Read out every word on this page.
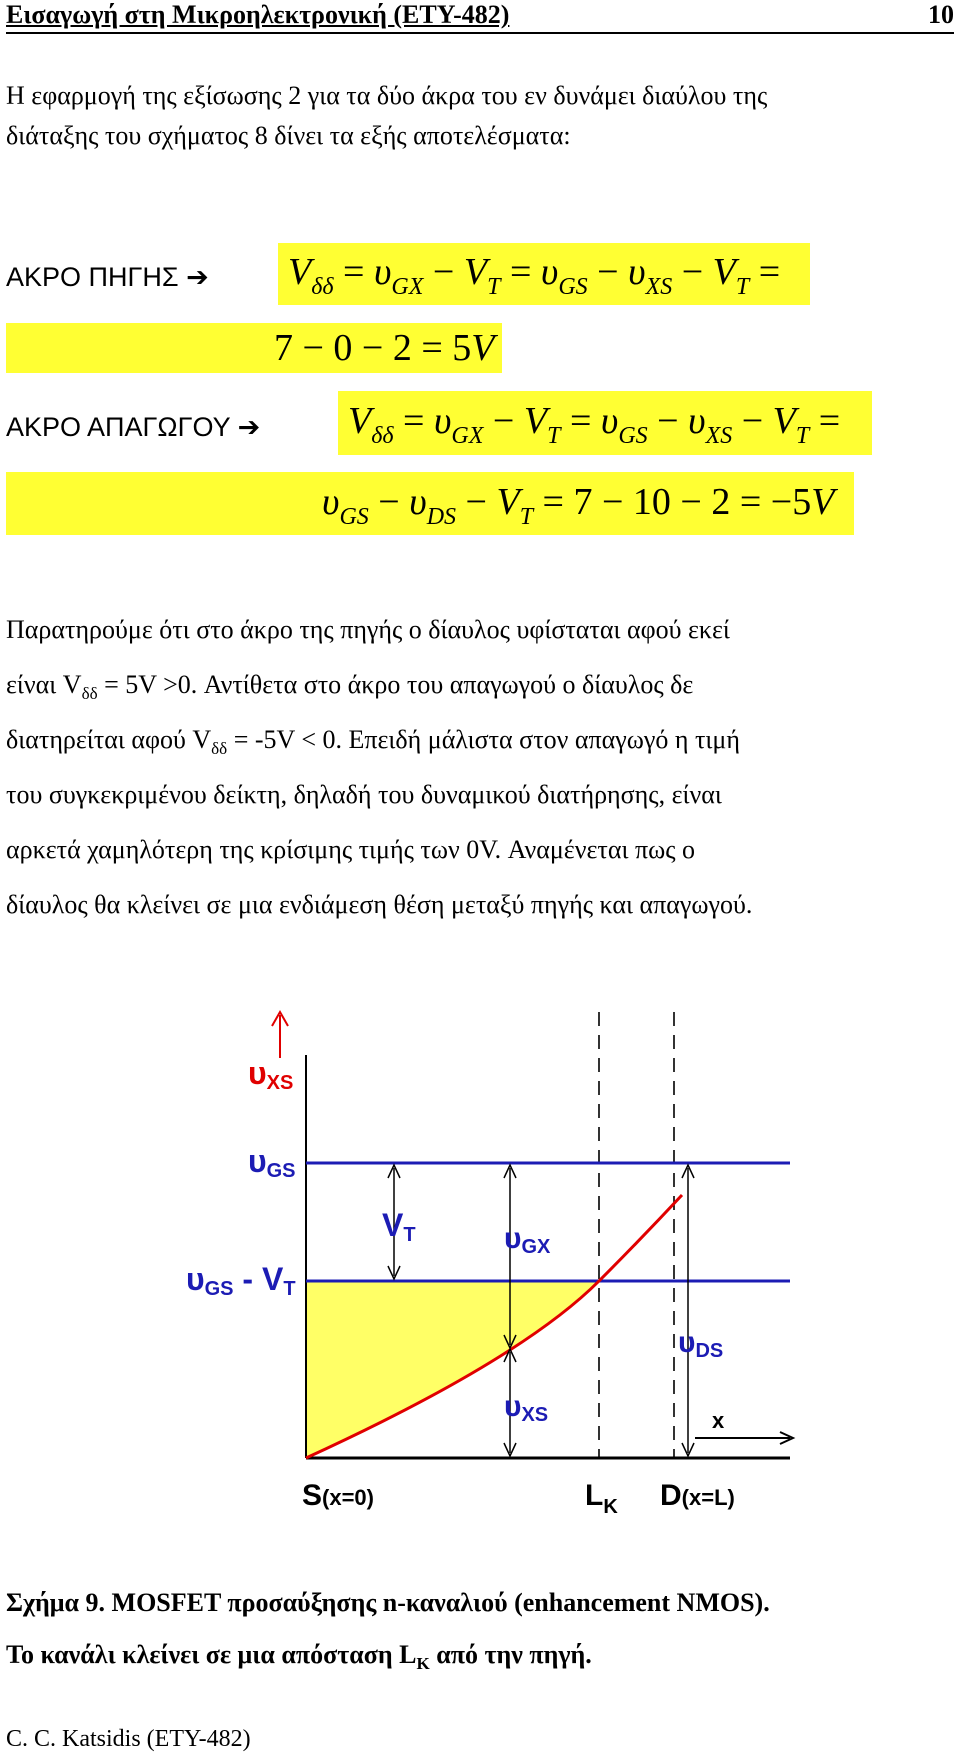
Εισαγωγή στη Μικροηλεκτρονική (ΕΤΥ-482)	10
Η εφαρμογή της εξίσωσης 2 για τα δύο άκρα του εν δυνάμει διαύλου της
διάταξης του σχήματος 8 δίνει τα εξής αποτελέσματα:
ΑΚΡΟ ΠΗΓΗΣ ➔ $V_{\delta\delta} = \upsilon_{GX} - V_T = \upsilon_{GS} - \upsilon_{XS} - V_T$ =
7 − 0 − 2 = 5V
ΑΚΡΟ ΑΠΑΓΩΓΟΥ ➔ $V_{\delta\delta} = \upsilon_{GX} - V_T = \upsilon_{GS} - \upsilon_{XS} - V_T$ =
$\upsilon_{GS} - \upsilon_{DS} - V_T = 7 - 10 - 2 = -5V$
Παρατηρούμε ότι στο άκρο της πηγής ο δίαυλος υφίσταται αφού εκεί
είναι $V_{\delta\delta} = 5V >0$. Αντίθετα στο άκρο του απαγωγού ο δίαυλος δε
διατηρείται αφού $V_{\delta\delta} = -5V < 0$. Επειδή μάλιστα στον απαγωγό η τιμή
του συγκεκριμένου δείκτη, δηλαδή του δυναμικού διατήρησης, είναι
αρκετά χαμηλότερη της κρίσιμης τιμής των 0V. Αναμένεται πως ο
δίαυλος θα κλείνει σε μια ενδιάμεση θέση μεταξύ πηγής και απαγωγού.
υXS
υGS
υGS - VT
VT	υGX
υXS
υDS
x
S(x=0)	$L_K$ D(x=L)
Σχήμα 9. MOSFET προσαύξησης n-καναλιού (enhancement NMOS).
Το κανάλι κλείνει σε μια απόσταση $L_K$ από την πηγή.
C. C. Katsidis (ETY-482)
